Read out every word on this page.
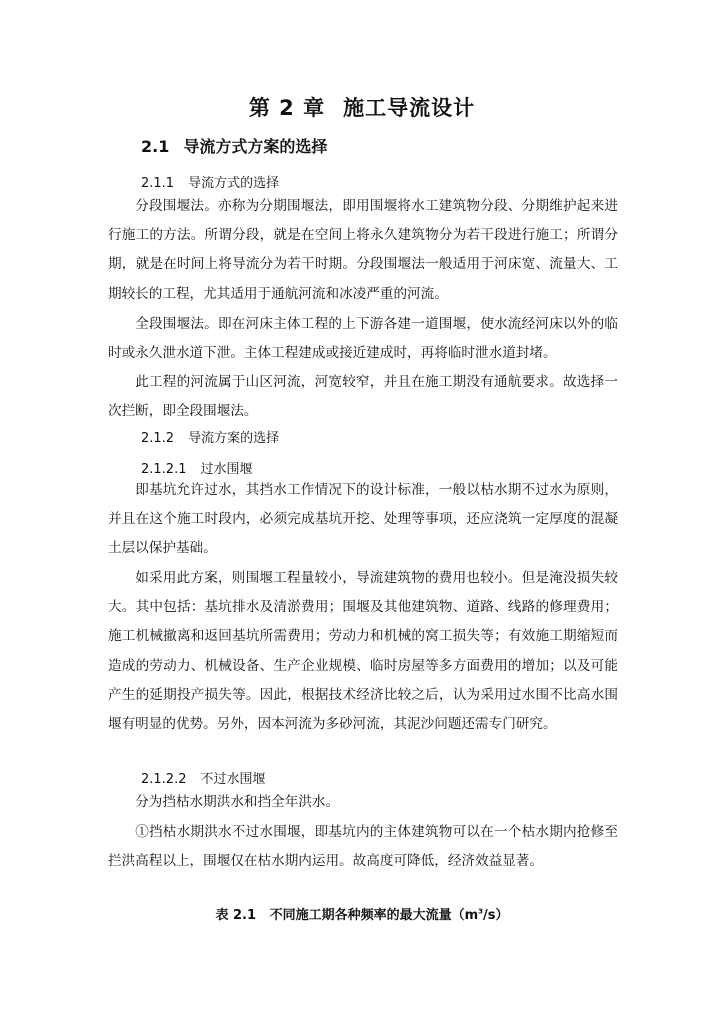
第 2 章 施工导流设计
2.1 导流方式方案的选择
2.1.1 导流方式的选择
分段围堰法。亦称为分期围堰法，即用围堰将水工建筑物分段、分期维护起来进行施工的方法。所谓分段，就是在空间上将永久建筑物分为若干段进行施工；所谓分期，就是在时间上将导流分为若干时期。分段围堰法一般适用于河床宽、流量大、工期较长的工程，尤其适用于通航河流和冰凌严重的河流。
全段围堰法。即在河床主体工程的上下游各建一道围堰，使水流经河床以外的临时或永久泄水道下泄。主体工程建成或接近建成时，再将临时泄水道封堵。
此工程的河流属于山区河流，河宽较窄，并且在施工期没有通航要求。故选择一次拦断，即全段围堰法。
2.1.2 导流方案的选择
2.1.2.1 过水围堰
即基坑允许过水，其挡水工作情况下的设计标准，一般以枯水期不过水为原则，并且在这个施工时段内，必须完成基坑开挖、处理等事项，还应浇筑一定厚度的混凝土层以保护基础。
如采用此方案，则围堰工程量较小，导流建筑物的费用也较小。但是淹没损失较大。其中包括：基坑排水及清淤费用；围堰及其他建筑物、道路、线路的修理费用；施工机械撤离和返回基坑所需费用；劳动力和机械的窝工损失等；有效施工期缩短而造成的劳动力、机械设备、生产企业规模、临时房屋等多方面费用的增加；以及可能产生的延期投产损失等。因此，根据技术经济比较之后，认为采用过水围不比高水围堰有明显的优势。另外，因本河流为多砂河流，其泥沙问题还需专门研究。
2.1.2.2 不过水围堰
分为挡枯水期洪水和挡全年洪水。
①挡枯水期洪水不过水围堰，即基坑内的主体建筑物可以在一个枯水期内抢修至拦洪高程以上，围堰仅在枯水期内运用。故高度可降低，经济效益显著。
表 2.1 不同施工期各种频率的最大流量$(m^3/s)$
